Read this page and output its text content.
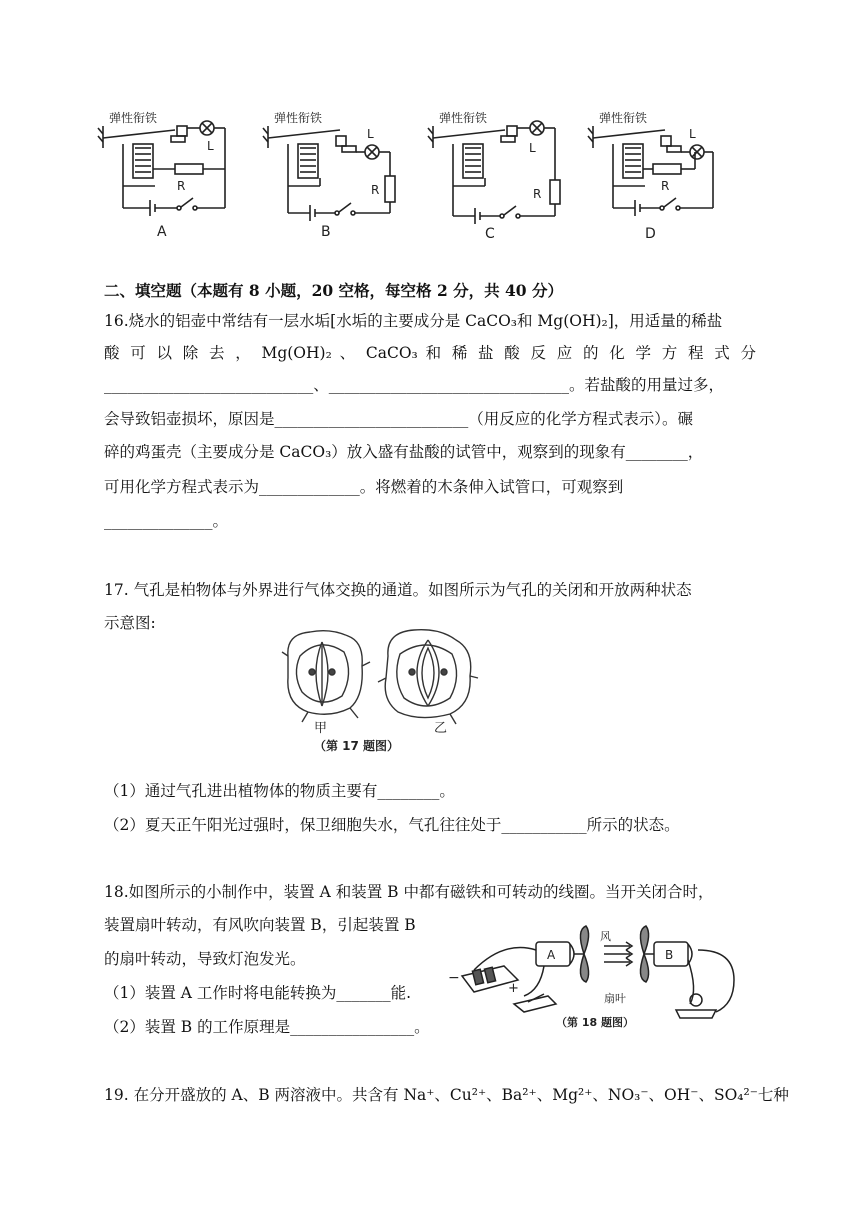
弹性衔铁	弹性衔铁	弹性衔铁	弹性衔铁
L
L
L
L
R	R	R
R
A	B	C	D
二、填空题（本题有 8 小题，20 空格，每空格 2 分，共 40 分）
16.烧水的铝壶中常结有一层水垢[水垢的主要成分是 CaCO₃和 Mg(OH)₂]，用适量的稀盐
酸 可 以 除 去 ， Mg(OH)₂ 、 CaCO₃ 和 稀 盐 酸 反 应 的 化 学 方 程 式 分
___________________________、_______________________________。若盐酸的用量过多，
会导致铝壶损坏，原因是_________________________（用反应的化学方程式表示）。碾
碎的鸡蛋壳（主要成分是 CaCO₃）放入盛有盐酸的试管中，观察到的现象有________，
可用化学方程式表示为_____________。将燃着的木条伸入试管口，可观察到
______________。
17. 气孔是柏物体与外界进行气体交换的通道。如图所示为气孔的关闭和开放两种状态
示意图:
甲	乙
（第 17 题图）
（1）通过气孔进出植物体的物质主要有________。
（2）夏天正午阳光过强时，保卫细胞失水，气孔往往处于___________所示的状态。
18.如图所示的小制作中，装置 A 和装置 B 中都有磁铁和可转动的线圈。当开关闭合时，
装置扇叶转动，有风吹向装置 B，引起装置 B
的扇叶转动，导致灯泡发光。
（1）装置 A 工作时将电能转换为_______能.
（2）装置 B 的工作原理是________________。
A	B
风
扇叶
−
+
（第 18 题图）
19. 在分开盛放的 A、B 两溶液中。共含有 Na⁺、Cu²⁺、Ba²⁺、Mg²⁺、NO₃⁻、OH⁻、SO₄²⁻七种
